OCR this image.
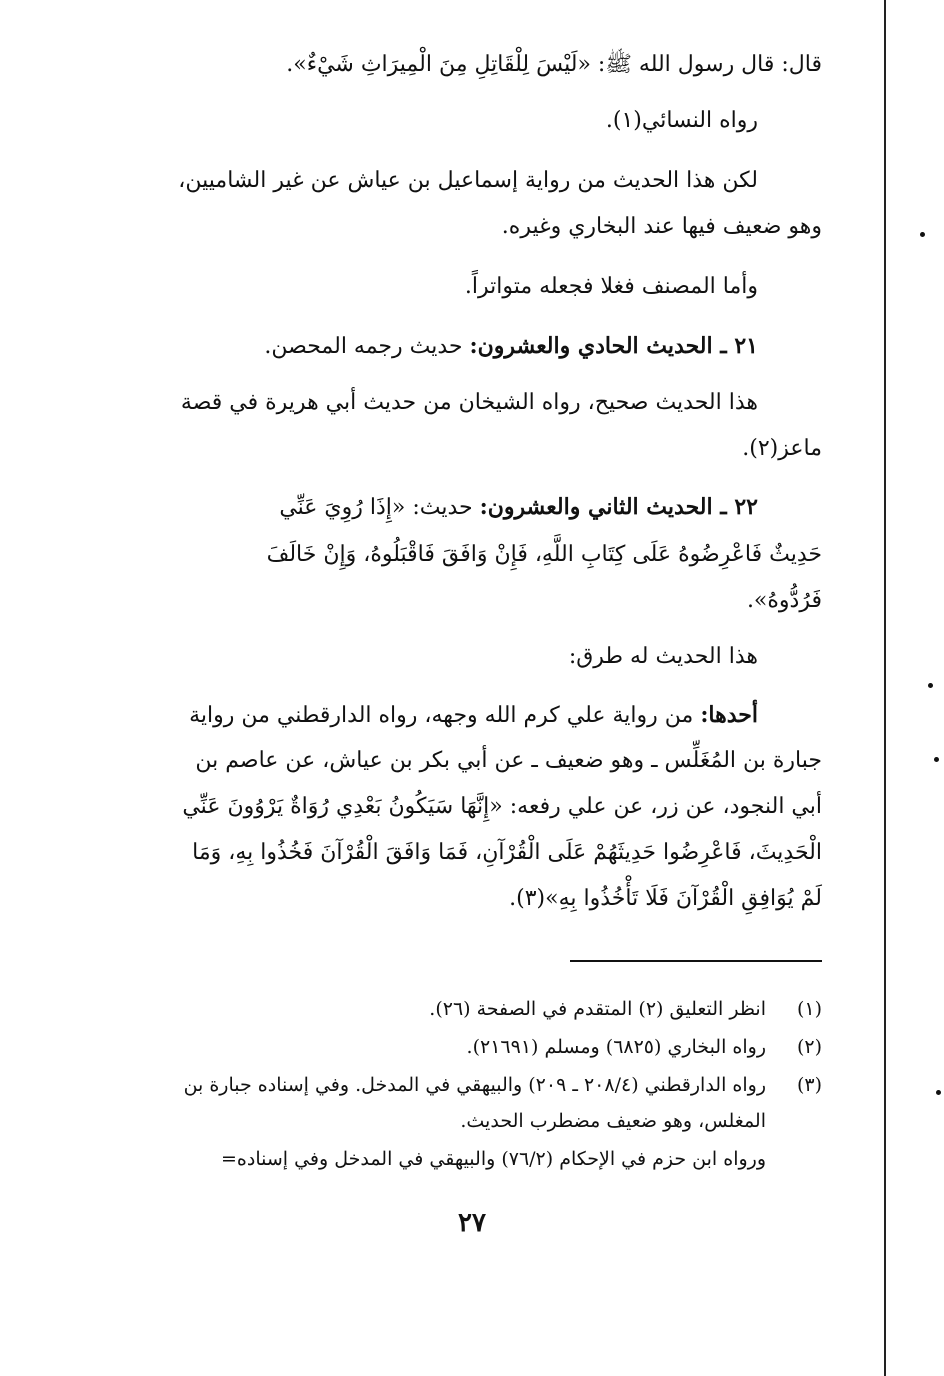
قال: قال رسول الله ﷺ: «لَيْسَ لِلْقَاتِلِ مِنَ الْمِيرَاثِ شَيْءٌ».
رواه النسائي(١).
لكن هذا الحديث من رواية إسماعيل بن عياش عن غير الشاميين،
وهو ضعيف فيها عند البخاري وغيره.
وأما المصنف فغلا فجعله متواتراً.
٢١ ـ الحديث الحادي والعشرون: حديث رجمه المحصن.
هذا الحديث صحيح، رواه الشيخان من حديث أبي هريرة في قصة
ماعز(٢).
٢٢ ـ الحديث الثاني والعشرون: حديث: «إِذَا رُوِيَ عَنِّي
حَدِيثٌ فَاعْرِضُوهُ عَلَى كِتَابِ اللَّهِ، فَإِنْ وَافَقَ فَاقْبَلُوهُ، وَإِنْ خَالَفَ
فَرُدُّوهُ».
هذا الحديث له طرق:
أحدها: من رواية علي كرم الله وجهه، رواه الدارقطني من رواية
جبارة بن المُغَلِّس ـ وهو ضعيف ـ عن أبي بكر بن عياش، عن عاصم بن
أبي النجود، عن زر، عن علي رفعه: «إِنَّهَا سَيَكُونُ بَعْدِي رُوَاةٌ يَرْوُونَ عَنِّي
الْحَدِيثَ، فَاعْرِضُوا حَدِيثَهُمْ عَلَى الْقُرْآنِ، فَمَا وَافَقَ الْقُرْآنَ فَخُذُوا بِهِ، وَمَا
لَمْ يُوَافِقِ الْقُرْآنَ فَلَا تَأْخُذُوا بِهِ»(٣).
(١)
انظر التعليق (٢) المتقدم في الصفحة (٢٦).
(٢)
رواه البخاري (٦٨٢٥) ومسلم (٢١٦٩١).
(٣)
رواه الدارقطني (٢٠٨/٤ ـ ٢٠٩) والبيهقي في المدخل. وفي إسناده جبارة بن
المغلس، وهو ضعيف مضطرب الحديث.
ورواه ابن حزم في الإحكام (٧٦/٢) والبيهقي في المدخل وفي إسناده=
٢٧
